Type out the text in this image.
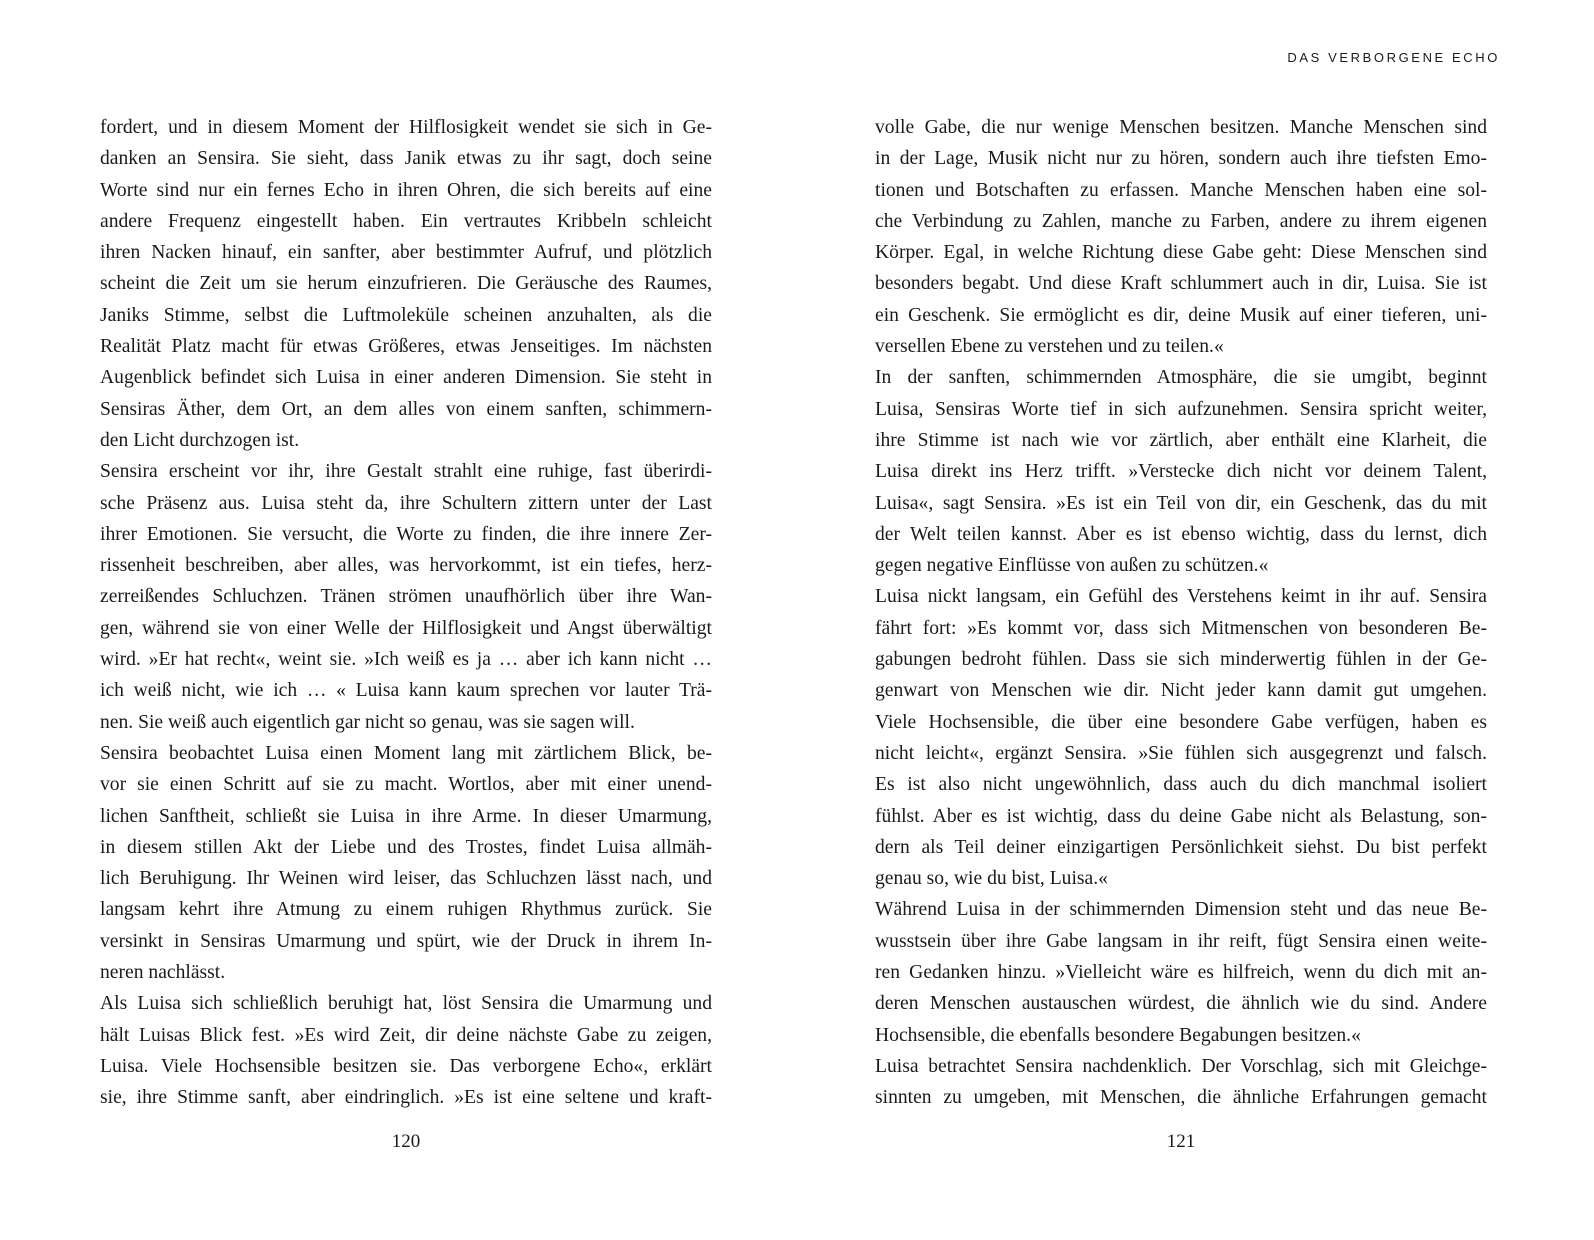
fordert, und in diesem Moment der Hilflosigkeit wendet sie sich in Ge-
danken an Sensira. Sie sieht, dass Janik etwas zu ihr sagt, doch seine
Worte sind nur ein fernes Echo in ihren Ohren, die sich bereits auf eine
andere Frequenz eingestellt haben. Ein vertrautes Kribbeln schleicht
ihren Nacken hinauf, ein sanfter, aber bestimmter Aufruf, und plötzlich
scheint die Zeit um sie herum einzufrieren. Die Geräusche des Raumes,
Janiks Stimme, selbst die Luftmoleküle scheinen anzuhalten, als die
Realität Platz macht für etwas Größeres, etwas Jenseitiges. Im nächsten
Augenblick befindet sich Luisa in einer anderen Dimension. Sie steht in
Sensiras Äther, dem Ort, an dem alles von einem sanften, schimmern-
den Licht durchzogen ist.
Sensira erscheint vor ihr, ihre Gestalt strahlt eine ruhige, fast überirdi-
sche Präsenz aus. Luisa steht da, ihre Schultern zittern unter der Last
ihrer Emotionen. Sie versucht, die Worte zu finden, die ihre innere Zer-
rissenheit beschreiben, aber alles, was hervorkommt, ist ein tiefes, herz-
zerreißendes Schluchzen. Tränen strömen unaufhörlich über ihre Wan-
gen, während sie von einer Welle der Hilflosigkeit und Angst überwältigt
wird. »Er hat recht«, weint sie. »Ich weiß es ja … aber ich kann nicht …
ich weiß nicht, wie ich … « Luisa kann kaum sprechen vor lauter Trä-
nen. Sie weiß auch eigentlich gar nicht so genau, was sie sagen will.
Sensira beobachtet Luisa einen Moment lang mit zärtlichem Blick, be-
vor sie einen Schritt auf sie zu macht. Wortlos, aber mit einer unend-
lichen Sanftheit, schließt sie Luisa in ihre Arme. In dieser Umarmung,
in diesem stillen Akt der Liebe und des Trostes, findet Luisa allmäh-
lich Beruhigung. Ihr Weinen wird leiser, das Schluchzen lässt nach, und
langsam kehrt ihre Atmung zu einem ruhigen Rhythmus zurück. Sie
versinkt in Sensiras Umarmung und spürt, wie der Druck in ihrem In-
neren nachlässt.
Als Luisa sich schließlich beruhigt hat, löst Sensira die Umarmung und
hält Luisas Blick fest. »Es wird Zeit, dir deine nächste Gabe zu zeigen,
Luisa. Viele Hochsensible besitzen sie. Das verborgene Echo«, erklärt
sie, ihre Stimme sanft, aber eindringlich. »Es ist eine seltene und kraft-
120
DAS VERBORGENE ECHO
volle Gabe, die nur wenige Menschen besitzen. Manche Menschen sind
in der Lage, Musik nicht nur zu hören, sondern auch ihre tiefsten Emo-
tionen und Botschaften zu erfassen. Manche Menschen haben eine sol-
che Verbindung zu Zahlen, manche zu Farben, andere zu ihrem eigenen
Körper. Egal, in welche Richtung diese Gabe geht: Diese Menschen sind
besonders begabt. Und diese Kraft schlummert auch in dir, Luisa. Sie ist
ein Geschenk. Sie ermöglicht es dir, deine Musik auf einer tieferen, uni-
versellen Ebene zu verstehen und zu teilen.«
In der sanften, schimmernden Atmosphäre, die sie umgibt, beginnt
Luisa, Sensiras Worte tief in sich aufzunehmen. Sensira spricht weiter,
ihre Stimme ist nach wie vor zärtlich, aber enthält eine Klarheit, die
Luisa direkt ins Herz trifft. »Verstecke dich nicht vor deinem Talent,
Luisa«, sagt Sensira. »Es ist ein Teil von dir, ein Geschenk, das du mit
der Welt teilen kannst. Aber es ist ebenso wichtig, dass du lernst, dich
gegen negative Einflüsse von außen zu schützen.«
Luisa nickt langsam, ein Gefühl des Verstehens keimt in ihr auf. Sensira
fährt fort: »Es kommt vor, dass sich Mitmenschen von besonderen Be-
gabungen bedroht fühlen. Dass sie sich minderwertig fühlen in der Ge-
genwart von Menschen wie dir. Nicht jeder kann damit gut umgehen.
Viele Hochsensible, die über eine besondere Gabe verfügen, haben es
nicht leicht«, ergänzt Sensira. »Sie fühlen sich ausgegrenzt und falsch.
Es ist also nicht ungewöhnlich, dass auch du dich manchmal isoliert
fühlst. Aber es ist wichtig, dass du deine Gabe nicht als Belastung, son-
dern als Teil deiner einzigartigen Persönlichkeit siehst. Du bist perfekt
genau so, wie du bist, Luisa.«
Während Luisa in der schimmernden Dimension steht und das neue Be-
wusstsein über ihre Gabe langsam in ihr reift, fügt Sensira einen weite-
ren Gedanken hinzu. »Vielleicht wäre es hilfreich, wenn du dich mit an-
deren Menschen austauschen würdest, die ähnlich wie du sind. Andere
Hochsensible, die ebenfalls besondere Begabungen besitzen.«
Luisa betrachtet Sensira nachdenklich. Der Vorschlag, sich mit Gleichge-
sinnten zu umgeben, mit Menschen, die ähnliche Erfahrungen gemacht
121
